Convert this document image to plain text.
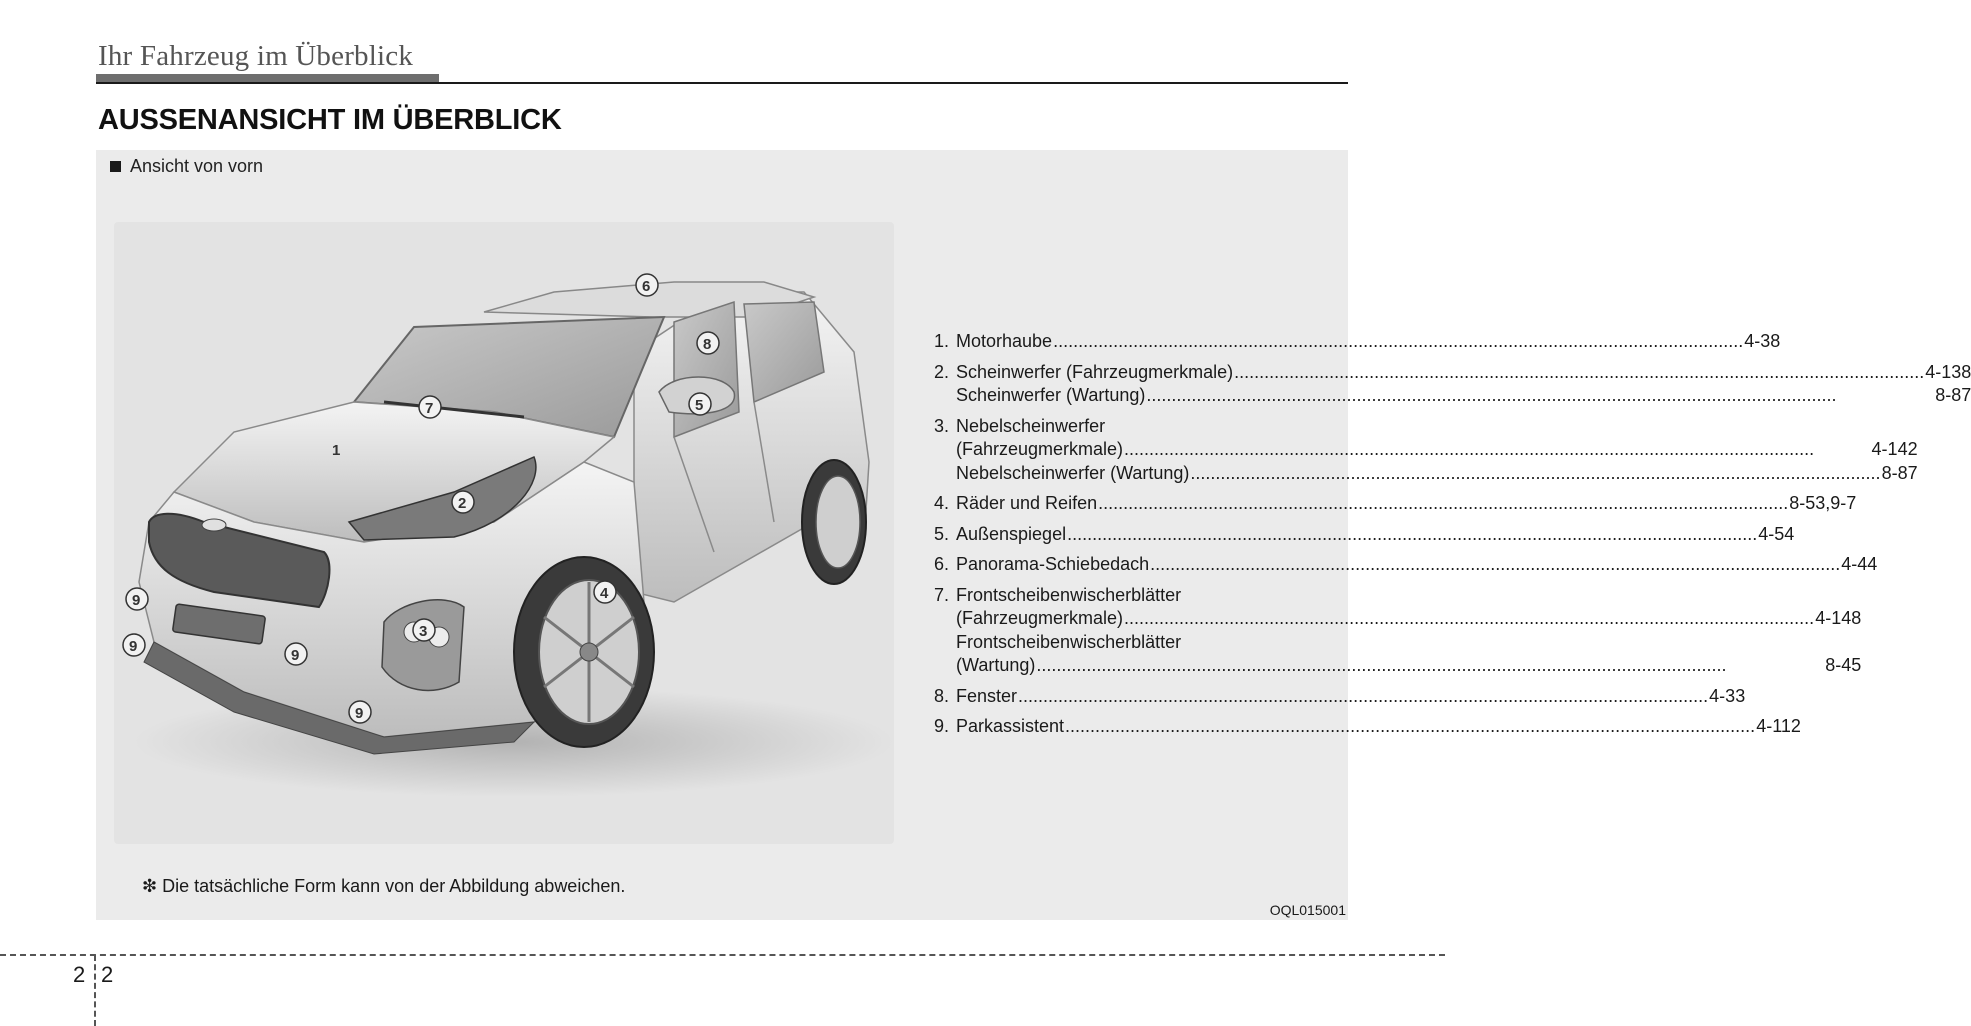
Ihr Fahrzeug im Überblick
AUSSENANSICHT IM ÜBERBLICK
Ansicht von vorn
1
2
3
4
5
6
7
8
9
9
9
9
1. Motorhaube .....	4-38
2. Scheinwerfer (Fahrzeugmerkmale) .....	4-138
Scheinwerfer (Wartung) .....	8-87
3. Nebelscheinwerfer
(Fahrzeugmerkmale) .....	4-142
Nebelscheinwerfer (Wartung) .....	8-87
4. Räder und Reifen .....	8-53,9-7
5. Außenspiegel .....	4-54
6. Panorama-Schiebedach .....	4-44
7. Frontscheibenwischerblätter
(Fahrzeugmerkmale) .....	4-148
Frontscheibenwischerblätter
(Wartung) .....	8-45
8. Fenster .....	4-33
9. Parkassistent .....	4-112
❇ Die tatsächliche Form kann von der Abbildung abweichen.
OQL015001
2 2
